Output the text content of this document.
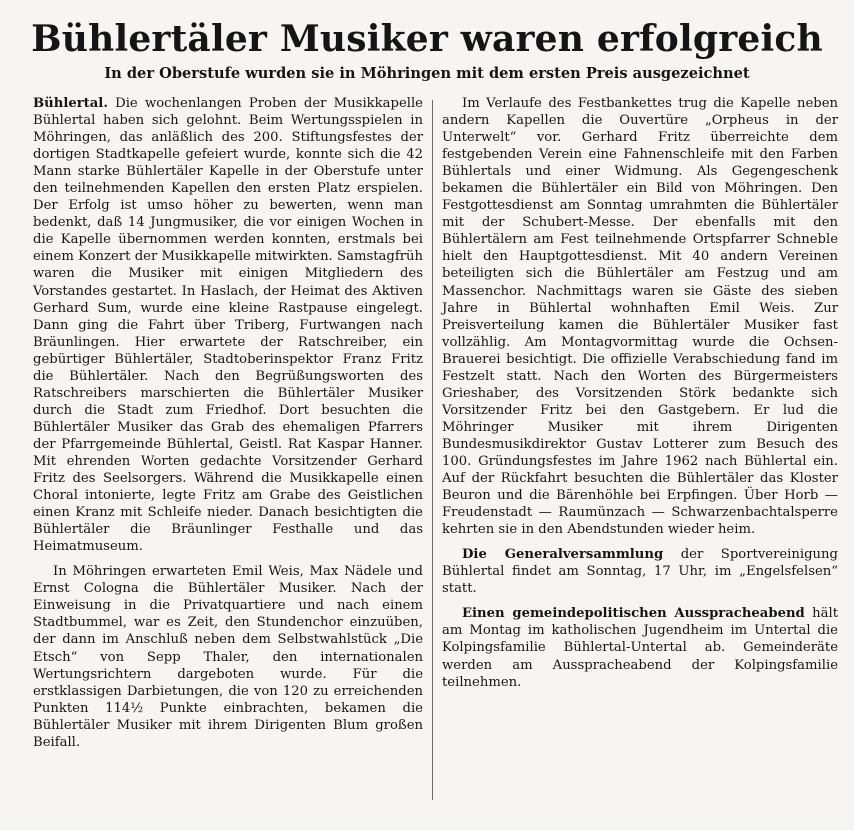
Bühlertäler Musiker waren erfolgreich
In der Oberstufe wurden sie in Möhringen mit dem ersten Preis ausgezeichnet

Bühlertal. Die wochenlangen Proben der Musikkapelle Bühlertal haben sich gelohnt. Beim Wertungsspielen in Möhringen, das anläßlich des 200. Stiftungsfestes der dortigen Stadtkapelle gefeiert wurde, konnte sich die 42 Mann starke Bühlertäler Kapelle in der Oberstufe unter den teilnehmenden Kapellen den ersten Platz erspielen. Der Erfolg ist umso höher zu bewerten, wenn man bedenkt, daß 14 Jungmusiker, die vor einigen Wochen in die Kapelle übernommen werden konnten, erstmals bei einem Konzert der Musikkapelle mitwirkten. Samstagfrüh waren die Musiker mit einigen Mitgliedern des Vorstandes gestartet. In Haslach, der Heimat des Aktiven Gerhard Sum, wurde eine kleine Rastpause eingelegt. Dann ging die Fahrt über Triberg, Furtwangen nach Bräunlingen. Hier erwartete der Ratschreiber, ein gebürtiger Bühlertäler, Stadtoberinspektor Franz Fritz die Bühlertäler. Nach den Begrüßungsworten des Ratschreibers marschierten die Bühlertäler Musiker durch die Stadt zum Friedhof. Dort besuchten die Bühlertäler Musiker das Grab des ehemaligen Pfarrers der Pfarrgemeinde Bühlertal, Geistl. Rat Kaspar Hanner. Mit ehrenden Worten gedachte Vorsitzender Gerhard Fritz des Seelsorgers. Während die Musikkapelle einen Choral intonierte, legte Fritz am Grabe des Geistlichen einen Kranz mit Schleife nieder. Danach besichtigten die Bühlertäler die Bräunlinger Festhalle und das Heimatmuseum.

In Möhringen erwarteten Emil Weis, Max Nädele und Ernst Cologna die Bühlertäler Musiker. Nach der Einweisung in die Privatquartiere und nach einem Stadtbummel, war es Zeit, den Stundenchor einzuüben, der dann im Anschluß neben dem Selbstwahlstück „Die Etsch“ von Sepp Thaler, den internationalen Wertungsrichtern dargeboten wurde. Für die erstklassigen Darbietungen, die von 120 zu erreichenden Punkten 114½ Punkte einbrachten, bekamen die Bühlertäler Musiker mit ihrem Dirigenten Blum großen Beifall.

Im Verlaufe des Festbankettes trug die Kapelle neben andern Kapellen die Ouvertüre „Orpheus in der Unterwelt“ vor. Gerhard Fritz überreichte dem festgebenden Verein eine Fahnenschleife mit den Farben Bühlertals und einer Widmung. Als Gegengeschenk bekamen die Bühlertäler ein Bild von Möhringen. Den Festgottesdienst am Sonntag umrahmten die Bühlertäler mit der Schubert-Messe. Der ebenfalls mit den Bühlertälern am Fest teilnehmende Ortspfarrer Schneble hielt den Hauptgottesdienst. Mit 40 andern Vereinen beteiligten sich die Bühlertäler am Festzug und am Massenchor. Nachmittags waren sie Gäste des sieben Jahre in Bühlertal wohnhaften Emil Weis. Zur Preisverteilung kamen die Bühlertäler Musiker fast vollzählig. Am Montagvormittag wurde die Ochsen-Brauerei besichtigt. Die offizielle Verabschiedung fand im Festzelt statt. Nach den Worten des Bürgermeisters Grieshaber, des Vorsitzenden Störk bedankte sich Vorsitzender Fritz bei den Gastgebern. Er lud die Möhringer Musiker mit ihrem Dirigenten Bundesmusikdirektor Gustav Lotterer zum Besuch des 100. Gründungsfestes im Jahre 1962 nach Bühlertal ein. Auf der Rückfahrt besuchten die Bühlertäler das Kloster Beuron und die Bärenhöhle bei Erpfingen. Über Horb — Freudenstadt — Raumünzach — Schwarzenbachtalsperre kehrten sie in den Abendstunden wieder heim.

Die Generalversammlung der Sportvereinigung Bühlertal findet am Sonntag, 17 Uhr, im „Engelsfelsen“ statt.

Einen gemeindepolitischen Ausspracheabend hält am Montag im katholischen Jugendheim im Untertal die Kolpingsfamilie Bühlertal-Untertal ab. Gemeinderäte werden am Ausspracheabend der Kolpingsfamilie teilnehmen.
